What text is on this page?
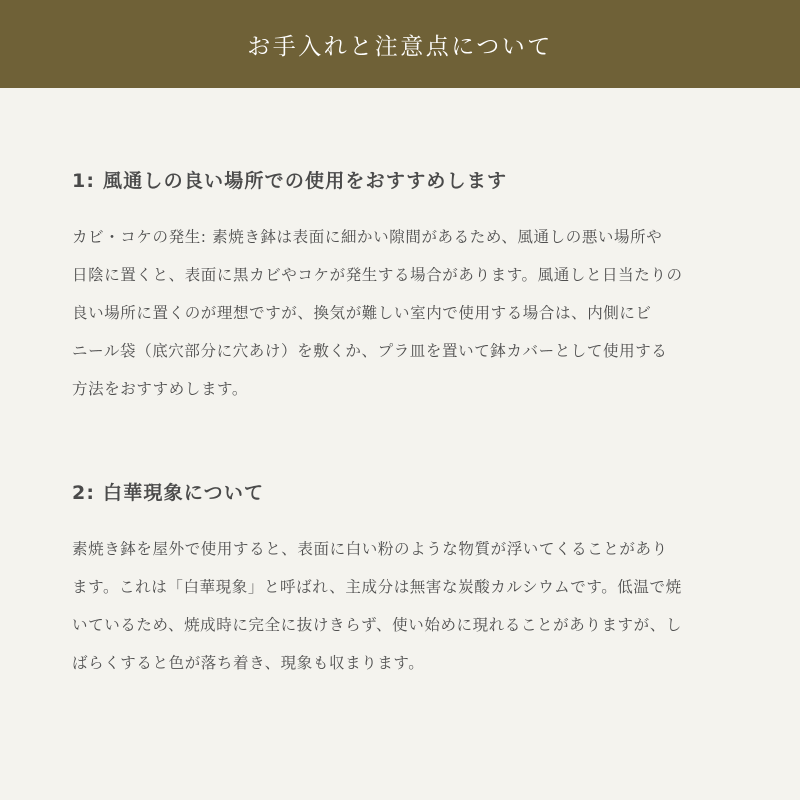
お手入れと注意点について
1: 風通しの良い場所での使用をおすすめします

カビ・コケの発生: 素焼き鉢は表面に細かい隙間があるため、風通しの悪い場所や
日陰に置くと、表面に黒カビやコケが発生する場合があります。風通しと日当たりの
良い場所に置くのが理想ですが、換気が難しい室内で使用する場合は、内側にビ
ニール袋（底穴部分に穴あけ）を敷くか、プラ皿を置いて鉢カバーとして使用する
方法をおすすめします。

2: 白華現象について

素焼き鉢を屋外で使用すると、表面に白い粉のような物質が浮いてくることがあり
ます。これは「白華現象」と呼ばれ、主成分は無害な炭酸カルシウムです。低温で焼
いているため、焼成時に完全に抜けきらず、使い始めに現れることがありますが、し
ばらくすると色が落ち着き、現象も収まります。
